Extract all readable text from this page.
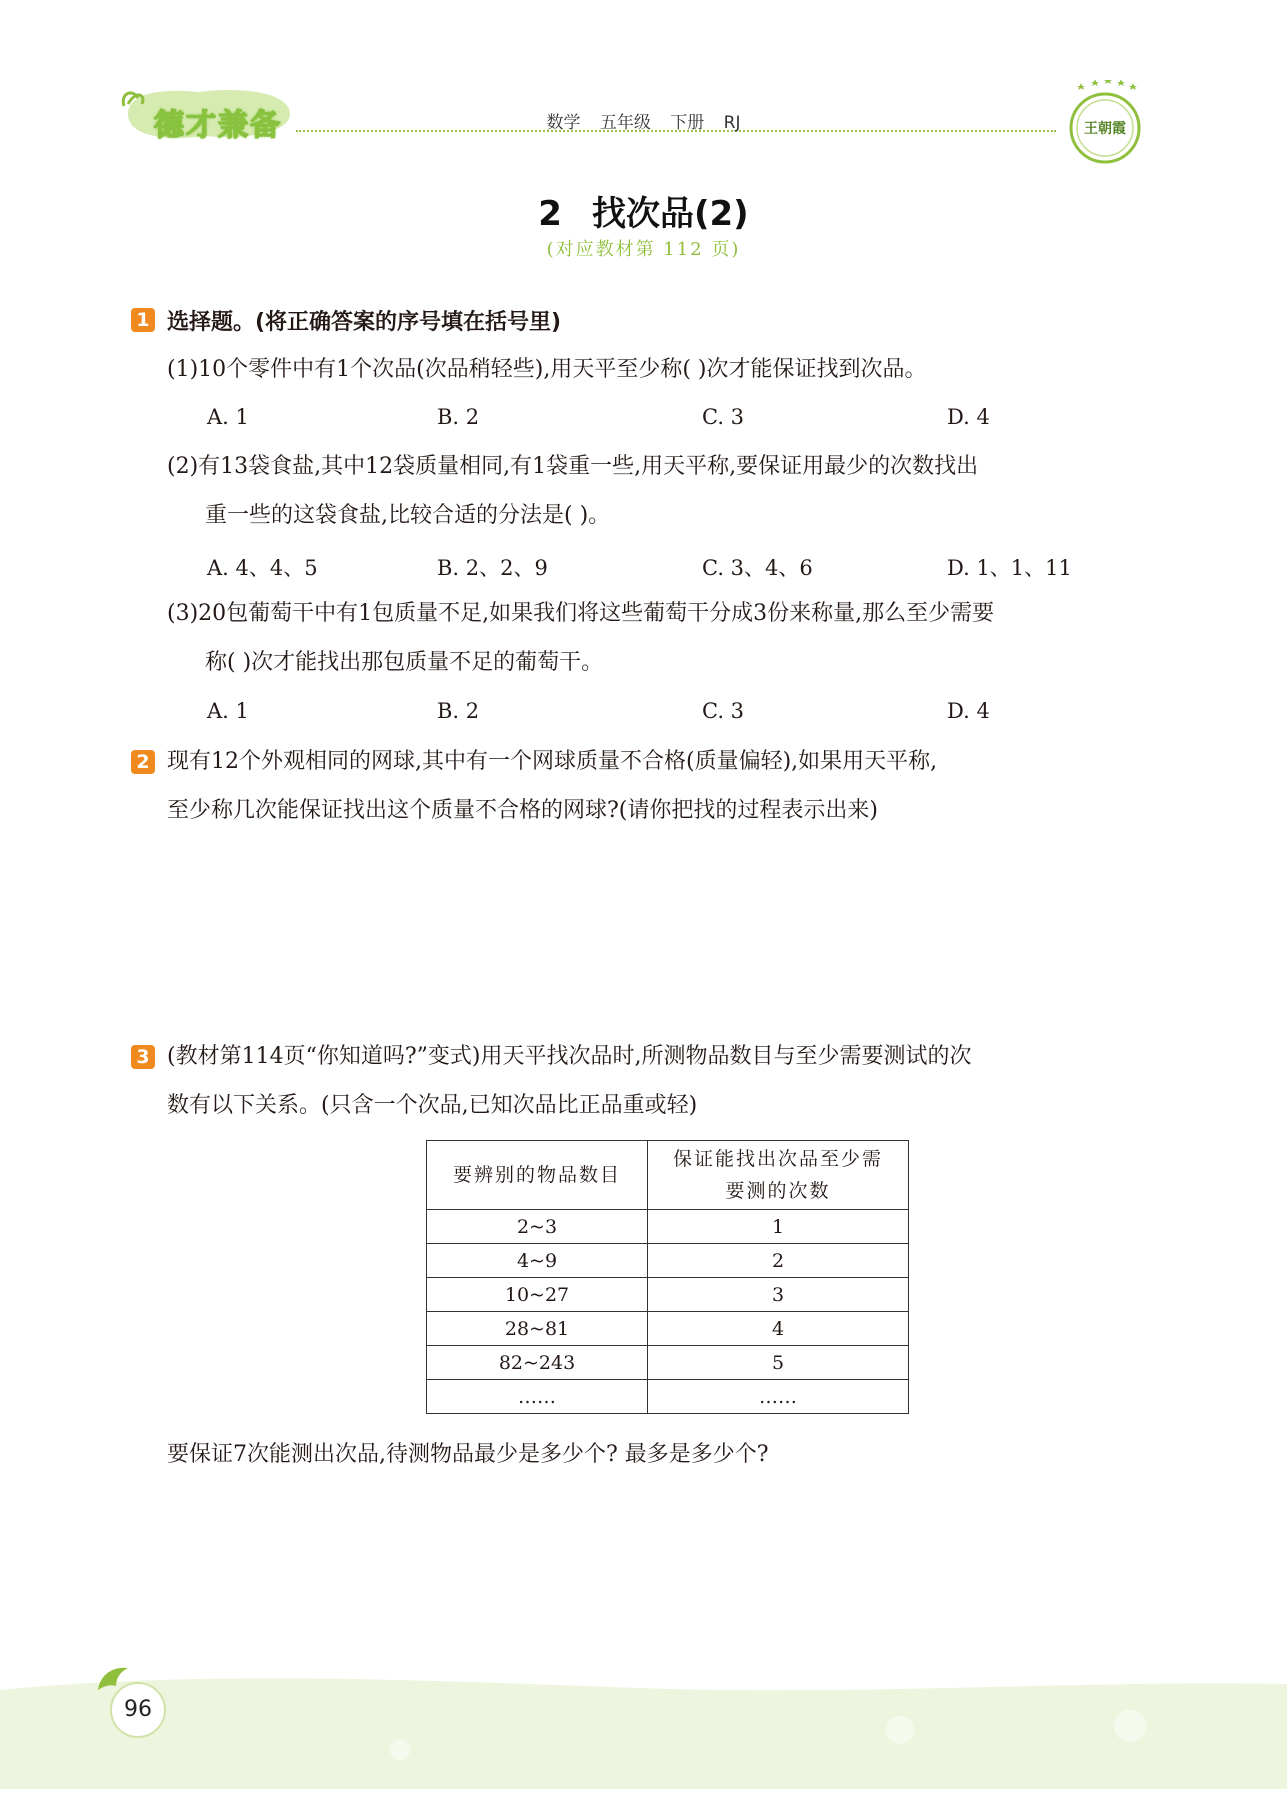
德才兼备	数学 五年级 下册 RJ	王朝霞
2 找次品(2)
(对应教材第 112 页)
1 选择题。(将正确答案的序号填在括号里)
(1)10个零件中有1个次品(次品稍轻些),用天平至少称( )次才能保证找到次品。
A. 1	B. 2	C. 3	D. 4
(2)有13袋食盐,其中12袋质量相同,有1袋重一些,用天平称,要保证用最少的次数找出
重一些的这袋食盐,比较合适的分法是( )。
A. 4、4、5	B. 2、2、9	C. 3、4、6	D. 1、1、11
(3)20包葡萄干中有1包质量不足,如果我们将这些葡萄干分成3份来称量,那么至少需要
称( )次才能找出那包质量不足的葡萄干。
A. 1	B. 2	C. 3	D. 4
2 现有12个外观相同的网球,其中有一个网球质量不合格(质量偏轻),如果用天平称,
至少称几次能保证找出这个质量不合格的网球?(请你把找的过程表示出来)
3 (教材第114页“你知道吗?”变式)用天平找次品时,所测物品数目与至少需要测试的次
数有以下关系。(只含一个次品,已知次品比正品重或轻)
要辨别的物品数目	保证能找出次品至少需要测的次数
2~3	1
4~9	2
10~27	3
28~81	4
82~243	5
……	……
要保证7次能测出次品,待测物品最少是多少个? 最多是多少个?
96
